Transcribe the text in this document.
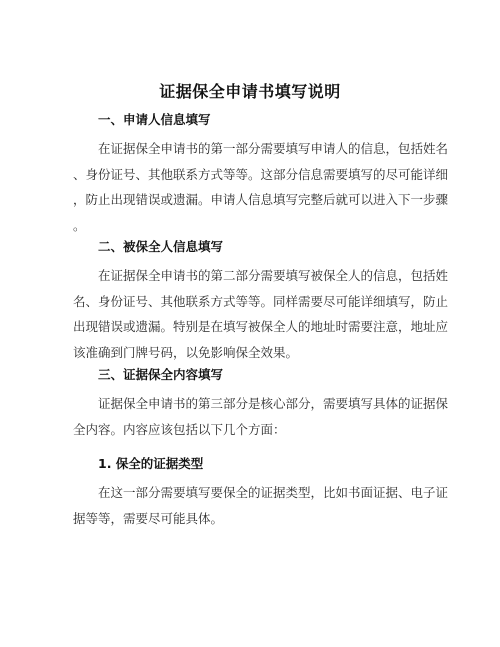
证据保全申请书填写说明
一、申请人信息填写
　　在证据保全申请书的第一部分需要填写申请人的信息，包括姓名
、身份证号、其他联系方式等等。这部分信息需要填写的尽可能详细
，防止出现错误或遗漏。申请人信息填写完整后就可以进入下一步骤
。
二、被保全人信息填写
　　在证据保全申请书的第二部分需要填写被保全人的信息，包括姓
名、身份证号、其他联系方式等等。同样需要尽可能详细填写，防止
出现错误或遗漏。特别是在填写被保全人的地址时需要注意，地址应
该准确到门牌号码，以免影响保全效果。
三、证据保全内容填写
　　证据保全申请书的第三部分是核心部分，需要填写具体的证据保
全内容。内容应该包括以下几个方面：
1. 保全的证据类型
　　在这一部分需要填写要保全的证据类型，比如书面证据、电子证
据等等，需要尽可能具体。
